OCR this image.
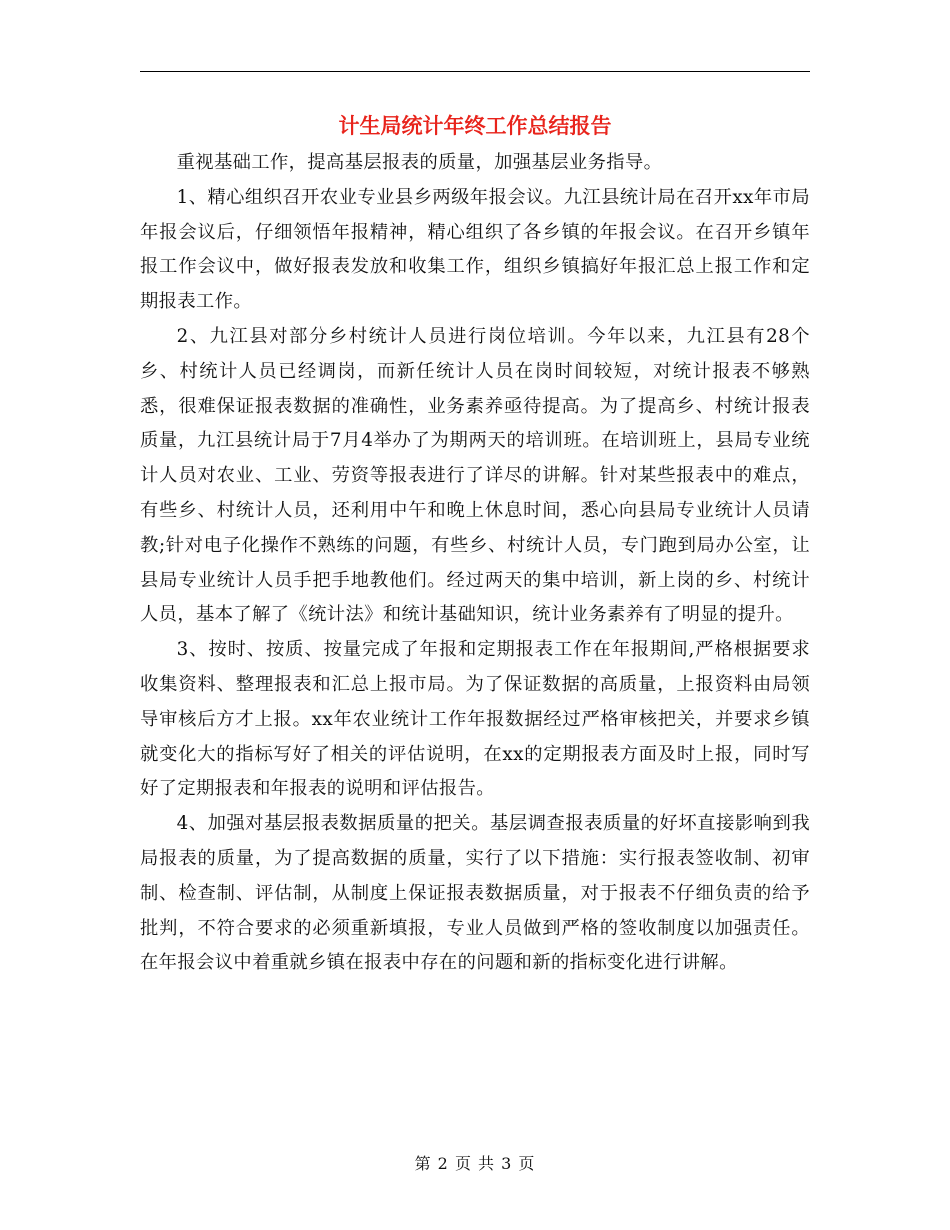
计生局统计年终工作总结报告

重视基础工作，提高基层报表的质量，加强基层业务指导。

1、精心组织召开农业专业县乡两级年报会议。九江县统计局在召开xx年市局年报会议后，仔细领悟年报精神，精心组织了各乡镇的年报会议。在召开乡镇年报工作会议中，做好报表发放和收集工作，组织乡镇搞好年报汇总上报工作和定期报表工作。

2、九江县对部分乡村统计人员进行岗位培训。今年以来，九江县有28个乡、村统计人员已经调岗，而新任统计人员在岗时间较短，对统计报表不够熟悉，很难保证报表数据的准确性，业务素养亟待提高。为了提高乡、村统计报表质量，九江县统计局于7月4举办了为期两天的培训班。在培训班上，县局专业统计人员对农业、工业、劳资等报表进行了详尽的讲解。针对某些报表中的难点，有些乡、村统计人员，还利用中午和晚上休息时间，悉心向县局专业统计人员请教;针对电子化操作不熟练的问题，有些乡、村统计人员，专门跑到局办公室，让县局专业统计人员手把手地教他们。经过两天的集中培训，新上岗的乡、村统计人员，基本了解了《统计法》和统计基础知识，统计业务素养有了明显的提升。

3、按时、按质、按量完成了年报和定期报表工作在年报期间,严格根据要求收集资料、整理报表和汇总上报市局。为了保证数据的高质量，上报资料由局领导审核后方才上报。xx年农业统计工作年报数据经过严格审核把关，并要求乡镇就变化大的指标写好了相关的评估说明，在xx的定期报表方面及时上报，同时写好了定期报表和年报表的说明和评估报告。

4、加强对基层报表数据质量的把关。基层调查报表质量的好坏直接影响到我局报表的质量，为了提高数据的质量，实行了以下措施：实行报表签收制、初审制、检查制、评估制，从制度上保证报表数据质量，对于报表不仔细负责的给予批判，不符合要求的必须重新填报，专业人员做到严格的签收制度以加强责任。在年报会议中着重就乡镇在报表中存在的问题和新的指标变化进行讲解。

第 2 页 共 3 页
